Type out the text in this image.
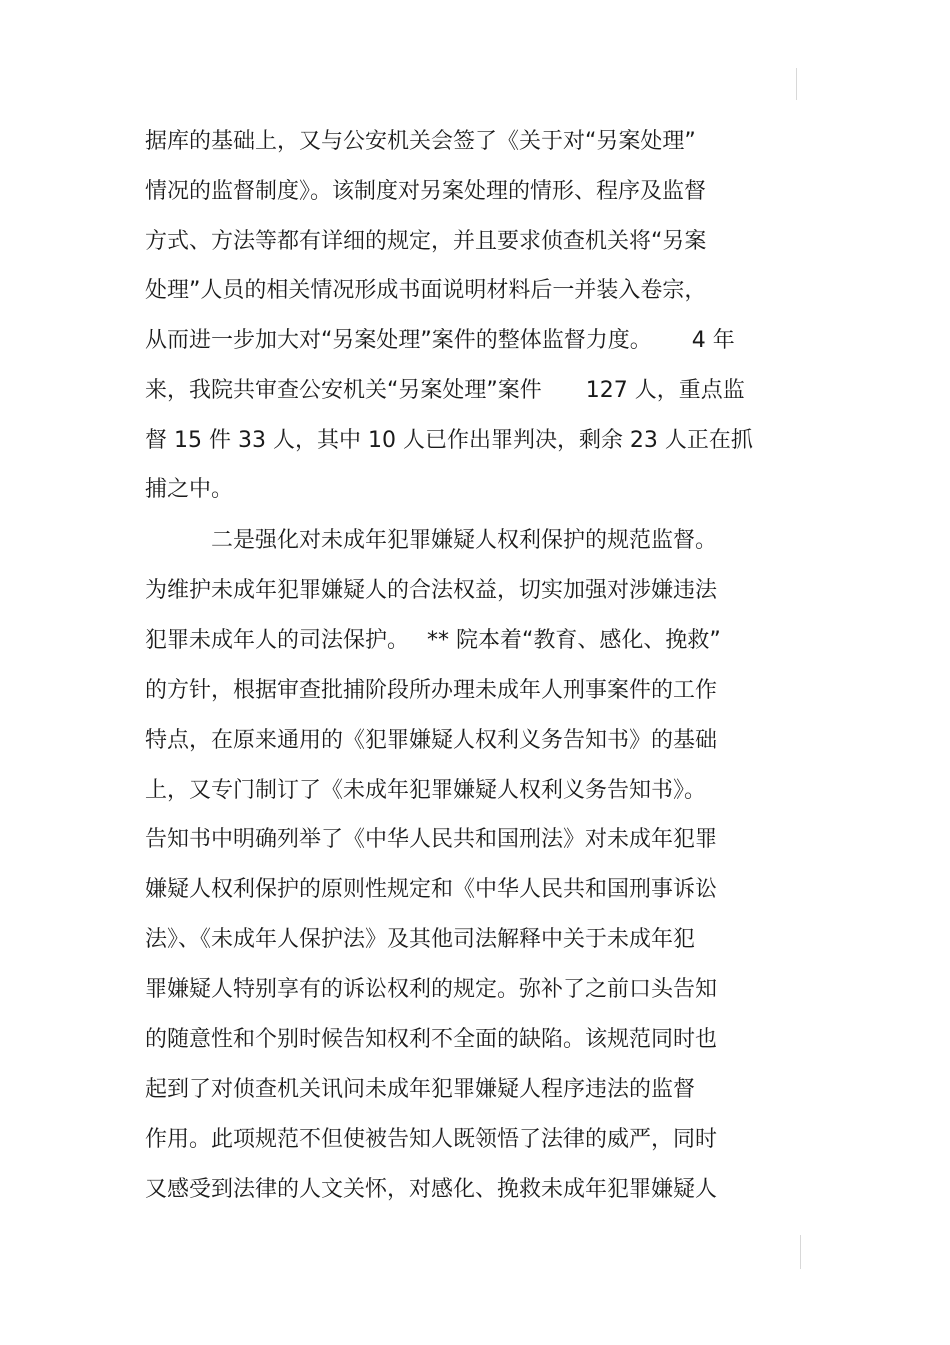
据库的基础上，又与公安机关会签了《关于对“另案处理”
情况的监督制度》。该制度对另案处理的情形、程序及监督
方式、方法等都有详细的规定，并且要求侦查机关将“另案
处理”人员的相关情况形成书面说明材料后一并装入卷宗，
从而进一步加大对“另案处理”案件的整体监督力度。　　 4 年
来，我院共审查公安机关“另案处理”案件　　127 人，重点监
督 15 件 33 人，其中 10 人已作出罪判决，剩余 23 人正在抓
捕之中。
　　　二是强化对未成年犯罪嫌疑人权利保护的规范监督。
为维护未成年犯罪嫌疑人的合法权益，切实加强对涉嫌违法
犯罪未成年人的司法保护。　 ** 院本着“教育、感化、挽救”
的方针，根据审查批捕阶段所办理未成年人刑事案件的工作
特点，在原来通用的《犯罪嫌疑人权利义务告知书》的基础
上，又专门制订了《未成年犯罪嫌疑人权利义务告知书》。
告知书中明确列举了《中华人民共和国刑法》对未成年犯罪
嫌疑人权利保护的原则性规定和《中华人民共和国刑事诉讼
法》、《未成年人保护法》及其他司法解释中关于未成年犯
罪嫌疑人特别享有的诉讼权利的规定。弥补了之前口头告知
的随意性和个别时候告知权利不全面的缺陷。该规范同时也
起到了对侦查机关讯问未成年犯罪嫌疑人程序违法的监督
作用。此项规范不但使被告知人既领悟了法律的威严，同时
又感受到法律的人文关怀，对感化、挽救未成年犯罪嫌疑人
